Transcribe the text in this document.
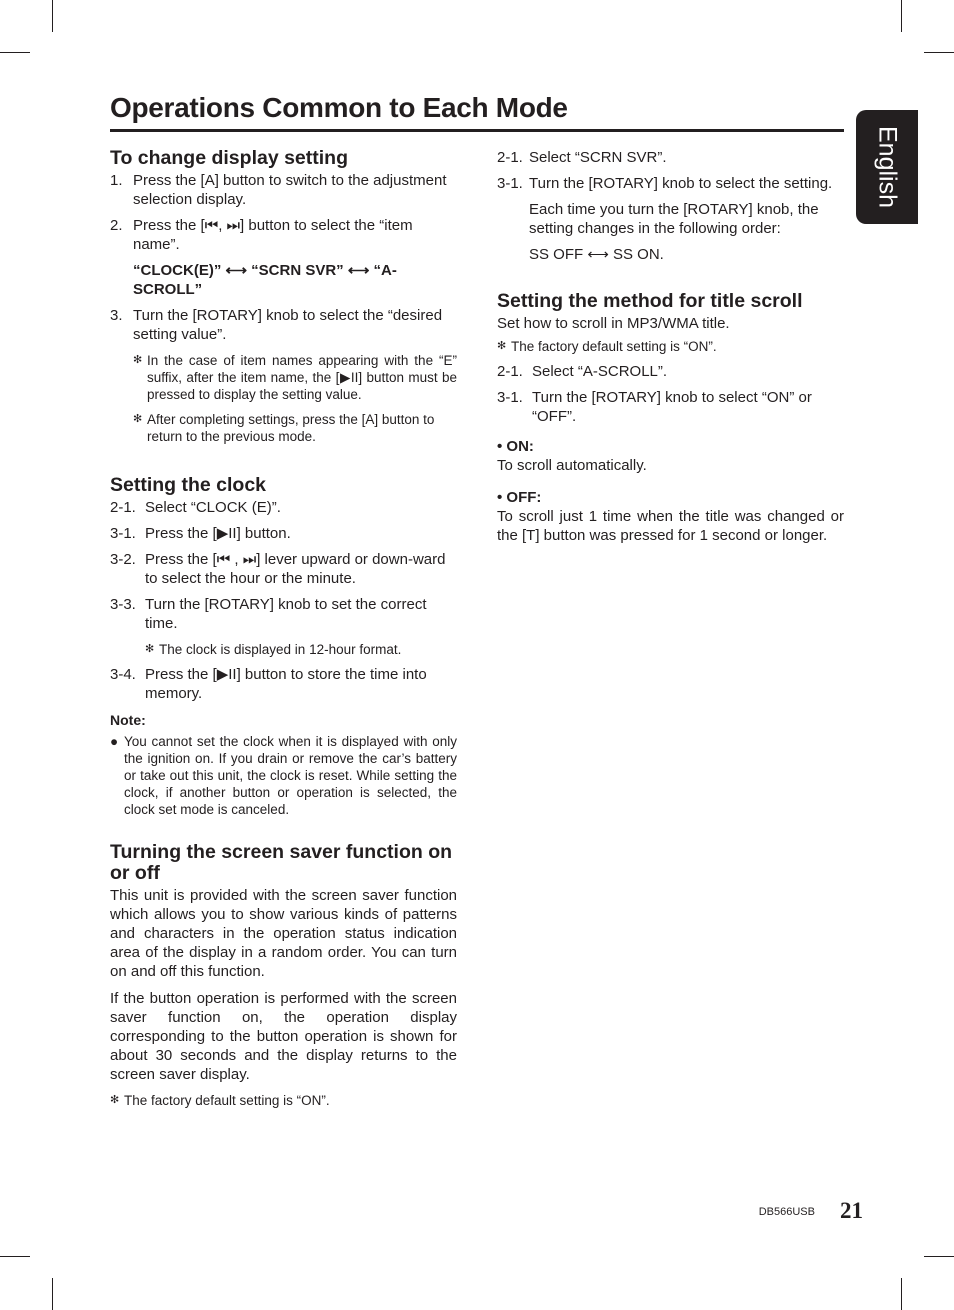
Operations Common to Each Mode
English
To change display setting
1. Press the [A] button to switch to the adjustment selection display.
2. Press the [⏮, ⏭] button to select the “item name”.

“CLOCK(E)” ⟷ “SCRN SVR” ⟷ “A-SCROLL”

3. Turn the [ROTARY] knob to select the “desired setting value”.
✻ In the case of item names appearing with the “E” suffix, after the item name, the [▶II] button must be pressed to display the setting value.
✻ After completing settings, press the [A] button to return to the previous mode.
Setting the clock
2-1. Select “CLOCK (E)”.
3-1. Press the [▶II] button.
3-2. Press the [⏮ , ⏭] lever upward or down-ward to select the hour or the minute.
3-3. Turn the [ROTARY] knob to set the correct time.
✻ The clock is displayed in 12-hour format.
3-4. Press the [▶II] button to store the time into memory.

Note:

● You cannot set the clock when it is displayed with only the ignition on. If you drain or remove the car’s battery or take out this unit, the clock is reset. While setting the clock, if another button or operation is selected, the clock set mode is canceled.
Turning the screen saver function on or off

This unit is provided with the screen saver function which allows you to show various kinds of patterns and characters in the operation status indication area of the display in a random order. You can turn on and off this function.

If the button operation is performed with the screen saver function on, the operation display corresponding to the button operation is shown for about 30 seconds and the display returns to the screen saver display.

✻ The factory default setting is “ON”.
2-1. Select “SCRN SVR”.
3-1. Turn the [ROTARY] knob to select the setting.

Each time you turn the [ROTARY] knob, the setting changes in the following order:

SS OFF ⟷ SS ON.

Setting the method for title scroll

Set how to scroll in MP3/WMA title.

✻ The factory default setting is “ON”.
2-1. Select “A-SCROLL”.
3-1. Turn the [ROTARY] knob to select “ON” or “OFF”.

• ON:

To scroll automatically.

• OFF:

To scroll just 1 time when the title was changed or the [T] button was pressed for 1 second or longer.

DB566USB 21
